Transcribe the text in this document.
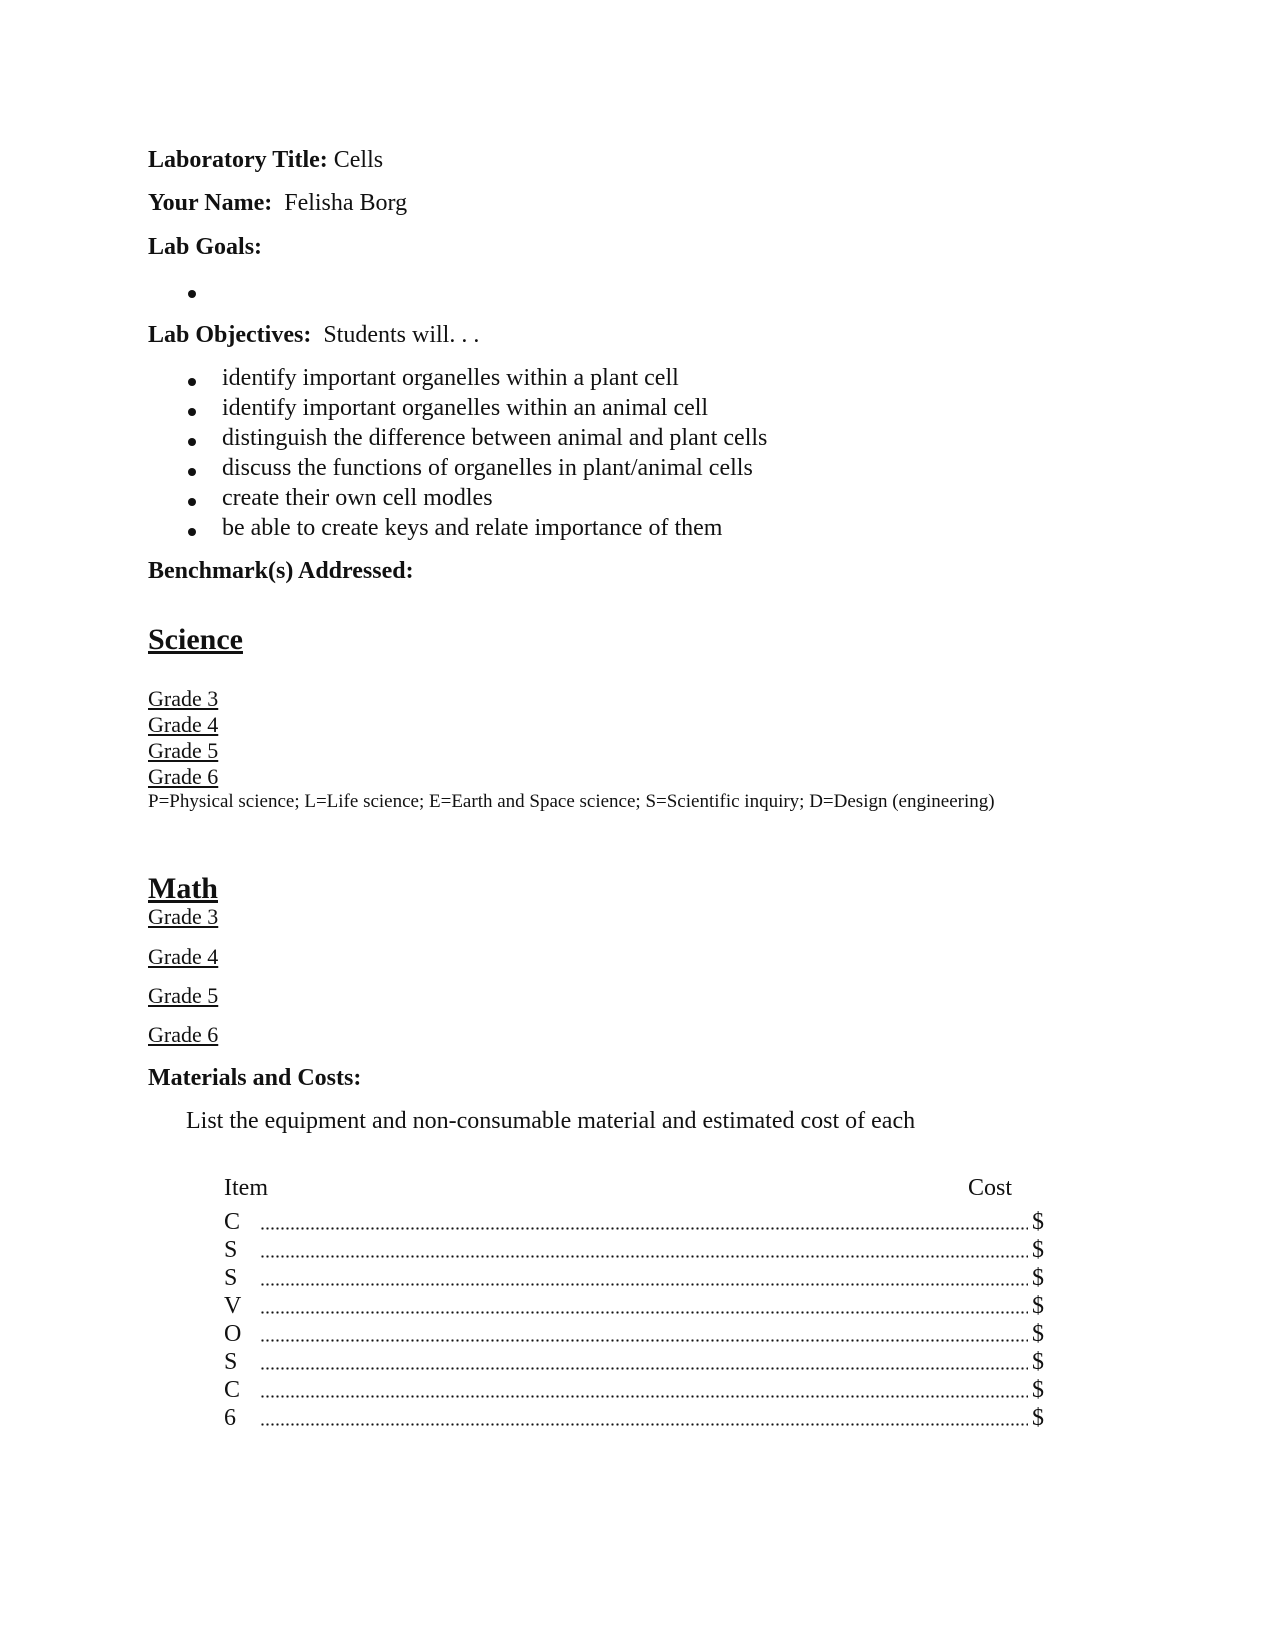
Laboratory Title: Cells
Your Name: Felisha Borg
Lab Goals:
Lab Objectives: Students will. . .
identify important organelles within a plant cell
identify important organelles within an animal cell
distinguish the difference between animal and plant cells
discuss the functions of organelles in plant/animal cells
create their own cell modles
be able to create keys and relate importance of them
Benchmark(s) Addressed:
Science
Grade 3
Grade 4
Grade 5
Grade 6
P=Physical science; L=Life science; E=Earth and Space science; S=Scientific inquiry; D=Design (engineering)
Math
Grade 3
Grade 4
Grade 5
Grade 6
Materials and Costs:
List the equipment and non-consumable material and estimated cost of each
Item	Cost
C	$
S	$
S	$
V	$
O	$
S	$
C	$
6	$
